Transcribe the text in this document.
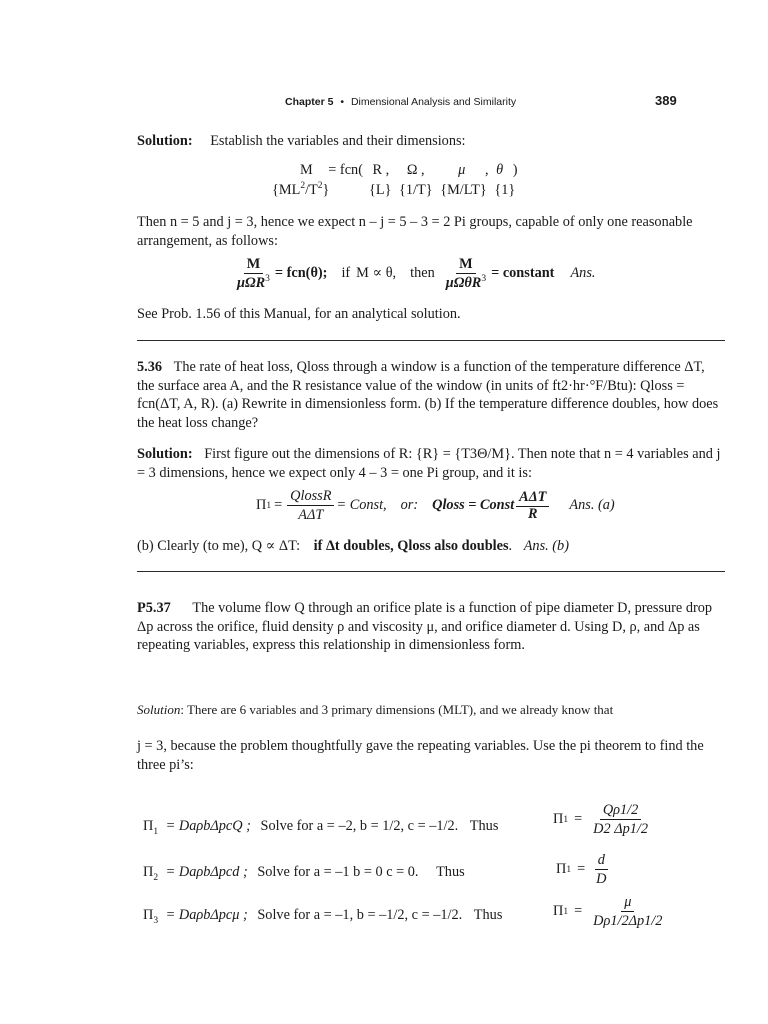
Chapter 5 • Dimensional Analysis and Similarity	389
Solution: Establish the variables and their dimensions:
M = fcn( R , Ω , μ , θ )
$\{ML^2/T^2\}$	{L} {1/T} {M/LT} {1}
Then n = 5 and j = 3, hence we expect n – j = 5 – 3 = 2 Pi groups, capable of only one reasonable arrangement, as follows:
$\frac{M}{\mu\Omega R^3} = fcn(\theta)$; if M ∝ θ, then $\frac{M}{\mu\Omega\theta R^3}$ = constant Ans.
See Prob. 1.56 of this Manual, for an analytical solution.
5.36 The rate of heat loss, Qloss through a window is a function of the temperature difference ΔT, the surface area A, and the R resistance value of the window (in units of ft2·hr·°F/Btu): Qloss = fcn(ΔT, A, R). (a) Rewrite in dimensionless form. (b) If the temperature difference doubles, how does the heat loss change?
Solution: First figure out the dimensions of R: {R} = {T3Θ/M}. Then note that n = 4 variables and j = 3 dimensions, hence we expect only 4 – 3 = one Pi group, and it is:
Π $1 = \frac{\text{QlossR}}{\text{AΔT}}$ = Const, or: Qloss = Const
AΔT
R
Ans. (a)
(b) Clearly (to me), Q ∝ ΔT: if Δt doubles, Qloss also doubles. Ans. (b)
P5.37 The volume flow Q through an orifice plate is a function of pipe diameter D, pressure drop Δp across the orifice, fluid density ρ and viscosity μ, and orifice diameter d. Using D, ρ, and Δp as repeating variables, express this relationship in dimensionless form.
Solution: There are 6 variables and 3 primary dimensions (MLT), and we already know that
j = 3, because the problem thoughtfully gave the repeating variables. Use the pi theorem to find the three pi’s:
$\Pi_1 = Da\rho b\Delta pcQ$ ; Solve for a = –2, b = 1/2, c = –1/2. Thus	Π $1 = \frac{Q\rho 1/2}{D2 \Delta p1/2}$
$\Pi_2 = Da\rho b\Delta pcd$ ; Solve for a = –1 b = 0 c = 0. Thus	Π $1 = \frac{d}{D}$
$\Pi_3 = Da\rho b\Delta pc\mu$ ; Solve for a = –1, b = –1/2, c = –1/2. Thus	Π $1 = \frac{\mu}{D\rho 1/2\Delta p1/2}$
